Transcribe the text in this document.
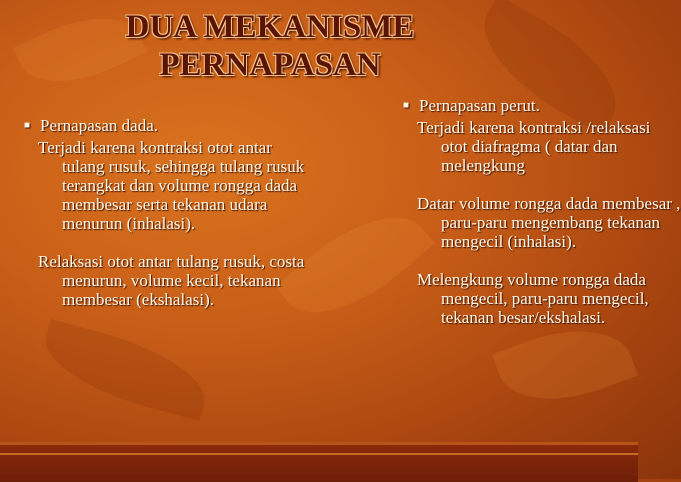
DUA MEKANISME
PERNAPASAN
■ Pernapasan dada.

Terjadi karena kontraksi otot antar tulang rusuk, sehingga tulang rusuk terangkat dan volume rongga dada membesar serta tekanan udara menurun (inhalasi).

Relaksasi otot antar tulang rusuk, costa menurun, volume kecil, tekanan membesar (ekshalasi).

■ Pernapasan perut.

Terjadi karena kontraksi /relaksasi otot diafragma ( datar dan melengkung

Datar volume rongga dada membesar , paru-paru mengembang tekanan mengecil (inhalasi).

Melengkung volume rongga dada mengecil, paru-paru mengecil, tekanan besar/ekshalasi.
